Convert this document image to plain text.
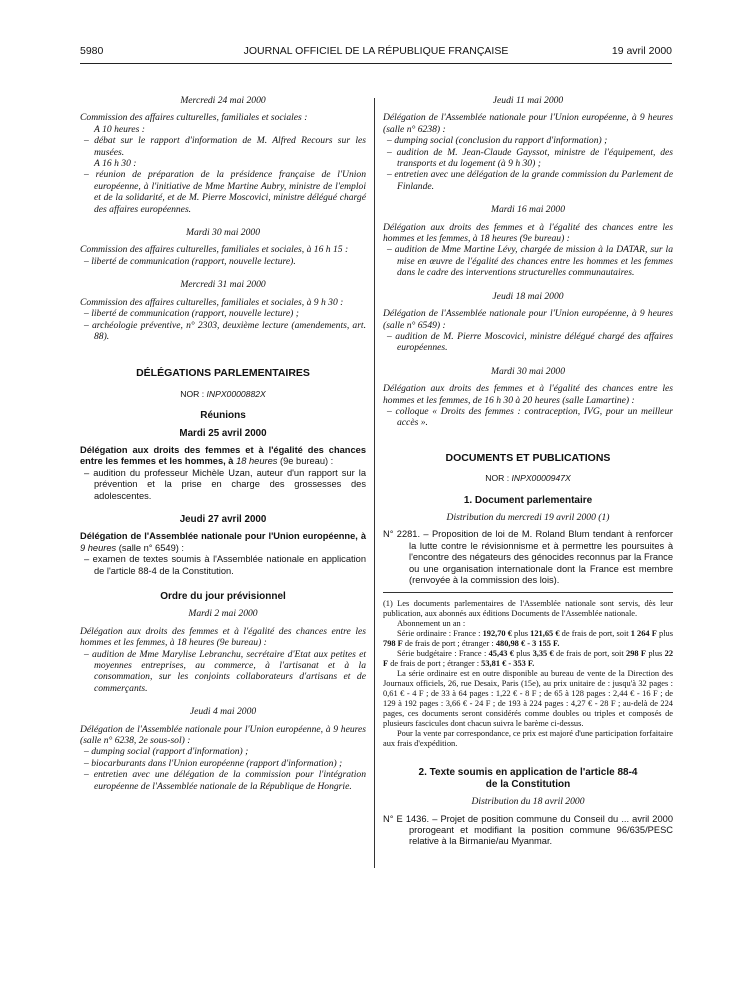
5980	JOURNAL OFFICIEL DE LA RÉPUBLIQUE FRANÇAISE	19 avril 2000

Mercredi 24 mai 2000

Commission des affaires culturelles, familiales et sociales :

A 10 heures :

– débat sur le rapport d'information de M. Alfred Recours sur les musées.

A 16 h 30 :

– réunion de préparation de la présidence française de l'Union européenne, à l'initiative de Mme Martine Aubry, ministre de l'emploi et de la solidarité, et de M. Pierre Moscovici, ministre délégué chargé des affaires européennes.

Mardi 30 mai 2000

Commission des affaires culturelles, familiales et sociales, à 16 h 15 :

– liberté de communication (rapport, nouvelle lecture).

Mercredi 31 mai 2000

Commission des affaires culturelles, familiales et sociales, à 9 h 30 :

– liberté de communication (rapport, nouvelle lecture) ;

– archéologie préventive, n° 2303, deuxième lecture (amendements, art. 88).

DÉLÉGATIONS PARLEMENTAIRES

NOR : INPX0000882X

Réunions

Mardi 25 avril 2000

Délégation aux droits des femmes et à l'égalité des chances entre les femmes et les hommes, à 18 heures (9e bureau) :

– audition du professeur Michèle Uzan, auteur d'un rapport sur la prévention et la prise en charge des grossesses des adolescentes.

Jeudi 27 avril 2000

Délégation de l'Assemblée nationale pour l'Union européenne, à 9 heures (salle n° 6549) :

– examen de textes soumis à l'Assemblée nationale en application de l'article 88-4 de la Constitution.

Ordre du jour prévisionnel

Mardi 2 mai 2000

Délégation aux droits des femmes et à l'égalité des chances entre les hommes et les femmes, à 18 heures (9e bureau) :

– audition de Mme Marylise Lebranchu, secrétaire d'Etat aux petites et moyennes entreprises, au commerce, à l'artisanat et à la consommation, sur les conjoints collaborateurs d'artisans et de commerçants.

Jeudi 4 mai 2000

Délégation de l'Assemblée nationale pour l'Union européenne, à 9 heures (salle n° 6238, 2e sous-sol) :

– dumping social (rapport d'information) ;

– biocarburants dans l'Union européenne (rapport d'information) ;

– entretien avec une délégation de la commission pour l'intégration européenne de l'Assemblée nationale de la République de Hongrie.

Jeudi 11 mai 2000

Délégation de l'Assemblée nationale pour l'Union européenne, à 9 heures (salle n° 6238) :

– dumping social (conclusion du rapport d'information) ;

– audition de M. Jean-Claude Gayssot, ministre de l'équipement, des transports et du logement (à 9 h 30) ;

– entretien avec une délégation de la grande commission du Parlement de Finlande.

Mardi 16 mai 2000

Délégation aux droits des femmes et à l'égalité des chances entre les hommes et les femmes, à 18 heures (9e bureau) :

– audition de Mme Martine Lévy, chargée de mission à la DATAR, sur la mise en œuvre de l'égalité des chances entre les hommes et les femmes dans le cadre des interventions structurelles communautaires.

Jeudi 18 mai 2000

Délégation de l'Assemblée nationale pour l'Union européenne, à 9 heures (salle n° 6549) :

– audition de M. Pierre Moscovici, ministre délégué chargé des affaires européennes.

Mardi 30 mai 2000

Délégation aux droits des femmes et à l'égalité des chances entre les hommes et les femmes, de 16 h 30 à 20 heures (salle Lamartine) :

– colloque « Droits des femmes : contraception, IVG, pour un meilleur accès ».

DOCUMENTS ET PUBLICATIONS

NOR : INPX0000947X

1. Document parlementaire

Distribution du mercredi 19 avril 2000 (1)

N° 2281. – Proposition de loi de M. Roland Blum tendant à renforcer la lutte contre le révisionnisme et à permettre les poursuites à l'encontre des négateurs des génocides reconnus par la France ou une organisation internationale dont la France est membre (renvoyée à la commission des lois).

(1) Les documents parlementaires de l'Assemblée nationale sont servis, dès leur publication, aux abonnés aux éditions Documents de l'Assemblée nationale.

Abonnement un an :

Série ordinaire : France : 192,70 € plus 121,65 € de frais de port, soit 1 264 F plus 798 F de frais de port ; étranger : 480,98 € - 3 155 F.

Série budgétaire : France : 45,43 € plus 3,35 € de frais de port, soit 298 F plus 22 F de frais de port ; étranger : 53,81 € - 353 F.

La série ordinaire est en outre disponible au bureau de vente de la Direction des Journaux officiels, 26, rue Desaix, Paris (15e), au prix unitaire de : jusqu'à 32 pages : 0,61 € - 4 F ; de 33 à 64 pages : 1,22 € - 8 F ; de 65 à 128 pages : 2,44 € - 16 F ; de 129 à 192 pages : 3,66 € - 24 F ; de 193 à 224 pages : 4,27 € - 28 F ; au-delà de 224 pages, ces documents seront considérés comme doubles ou triples et composés de plusieurs fascicules dont chacun suivra le barème ci-dessus.

Pour la vente par correspondance, ce prix est majoré d'une participation forfaitaire aux frais d'expédition.

2. Texte soumis en application de l'article 88-4

de la Constitution

Distribution du 18 avril 2000

N° E 1436. – Projet de position commune du Conseil du ... avril 2000 prorogeant et modifiant la position commune 96/635/PESC relative à la Birmanie/au Myanmar.
